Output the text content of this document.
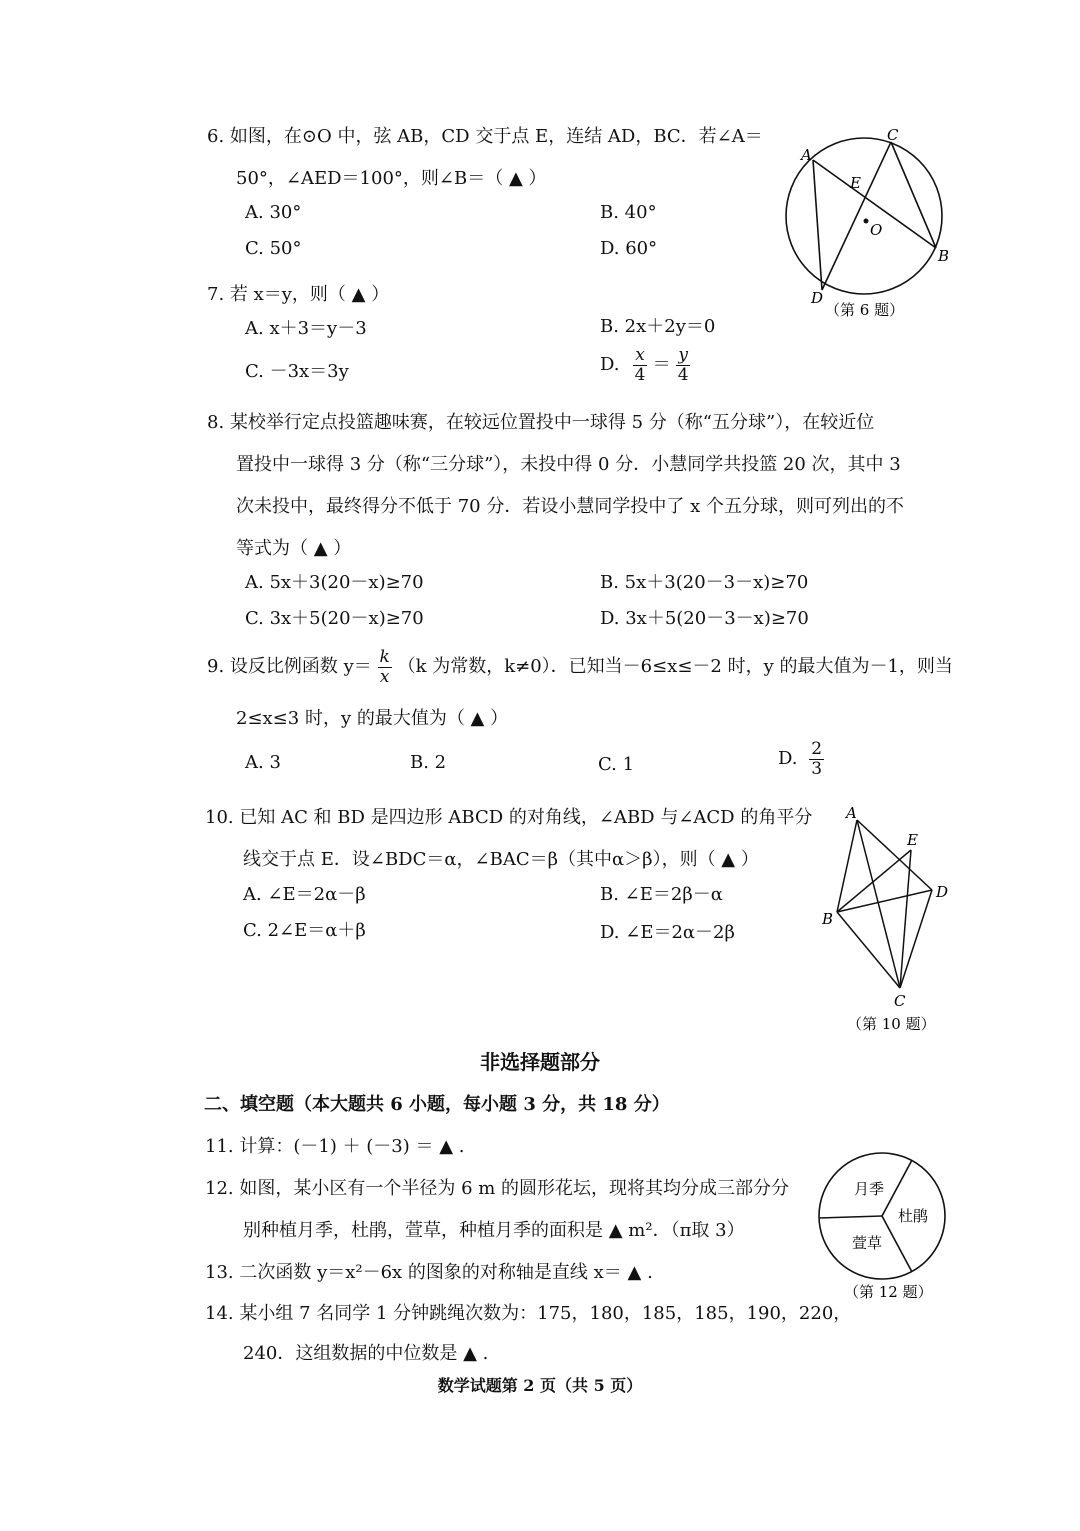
6. 如图，在⊙O 中，弦 AB，CD 交于点 E，连结 AD，BC．若∠A＝
50°，∠AED＝100°，则∠B＝（ ▲ ）
A. 30°	B. 40°
C. 50°	D. 60°
A
C
E
O
B
D
（第 6 题）
7. 若 x＝y，则（ ▲ ）
A. x＋3＝y－3	B. 2x＋2y＝0
C. －3x＝3y	D. $\frac{x}{4} = \frac{y}{4}$
8. 某校举行定点投篮趣味赛，在较远位置投中一球得 5 分（称“五分球”），在较近位
置投中一球得 3 分（称“三分球”），未投中得 0 分．小慧同学共投篮 20 次，其中 3
次未投中，最终得分不低于 70 分．若设小慧同学投中了 x 个五分球，则可列出的不
等式为（ ▲ ）
A. 5x＋3(20－x)≥70	B. 5x＋3(20－3－x)≥70
C. 3x＋5(20－x)≥70	D. 3x＋5(20－3－x)≥70
9. 设反比例函数 $y= \frac{k}{x} (k$ 为常数，k≠0）．已知当－6≤x≤－2 时，y 的最大值为－1，则当
2≤x≤3 时，y 的最大值为（ ▲ ）
A. 3	B. 2	C. 1	D. $\frac{2}{3}$
10. 已知 AC 和 BD 是四边形 ABCD 的对角线，∠ABD 与∠ACD 的角平分
线交于点 E．设∠BDC＝α，∠BAC＝β（其中α＞β），则（ ▲ ）
A. ∠E＝2α－β	B. ∠E＝2β－α
C. 2∠E＝α＋β	D. ∠E＝2α－2β
A
E
D
B
C
（第 10 题）
非选择题部分
二、填空题（本大题共 6 小题，每小题 3 分，共 18 分）
11. 计算：(－1) ＋ (－3) ＝ ▲ .
12. 如图，某小区有一个半径为 6 m 的圆形花坛，现将其均分成三部分分
别种植月季，杜鹃，萱草，种植月季的面积是 ▲ m²．（π取 3）
月季
杜鹃
萱草
（第 12 题）
13. 二次函数 y＝x²－6x 的图象的对称轴是直线 x＝ ▲ .
14. 某小组 7 名同学 1 分钟跳绳次数为：175，180，185，185，190，220，
240．这组数据的中位数是 ▲ .
数学试题第 2 页（共 5 页）
